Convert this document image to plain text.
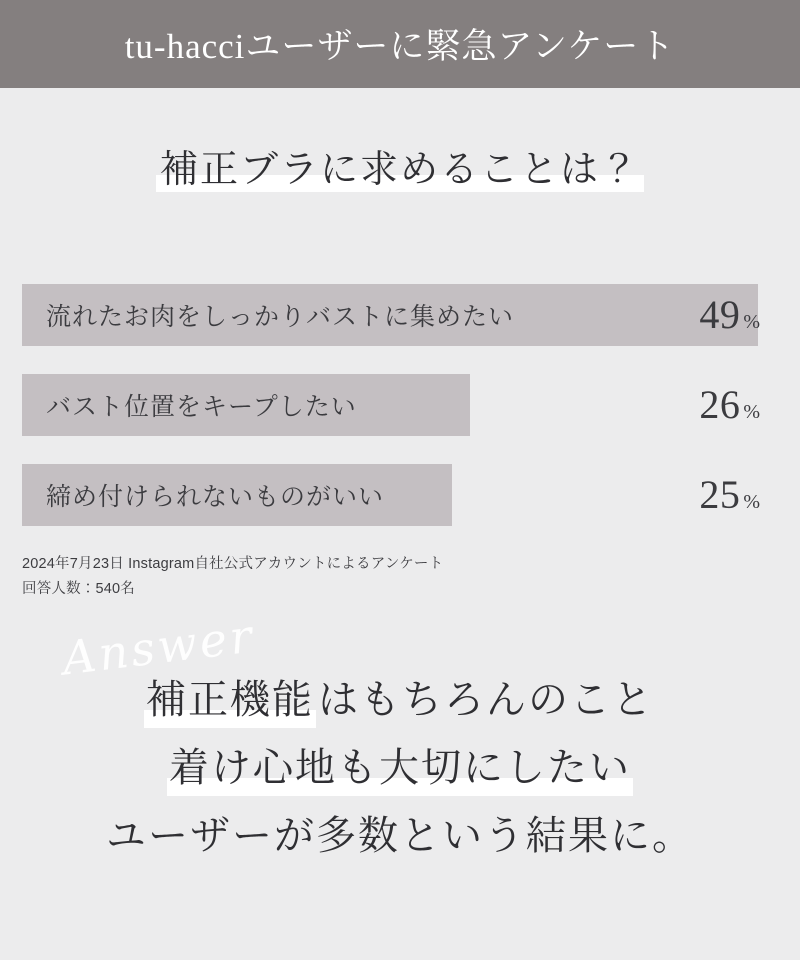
tu-hacciユーザーに緊急アンケート
補正ブラに求めることは？
流れたお肉をしっかりバストに集めたい	49 %
バスト位置をキープしたい	26 %
締め付けられないものがいい	25 %
2024年7月23日 Instagram自社公式アカウントによるアンケート
回答人数：540名
Answer
補正機能 はもちろんのこと
着け心地も大切にしたい
ユーザーが多数という結果に。
